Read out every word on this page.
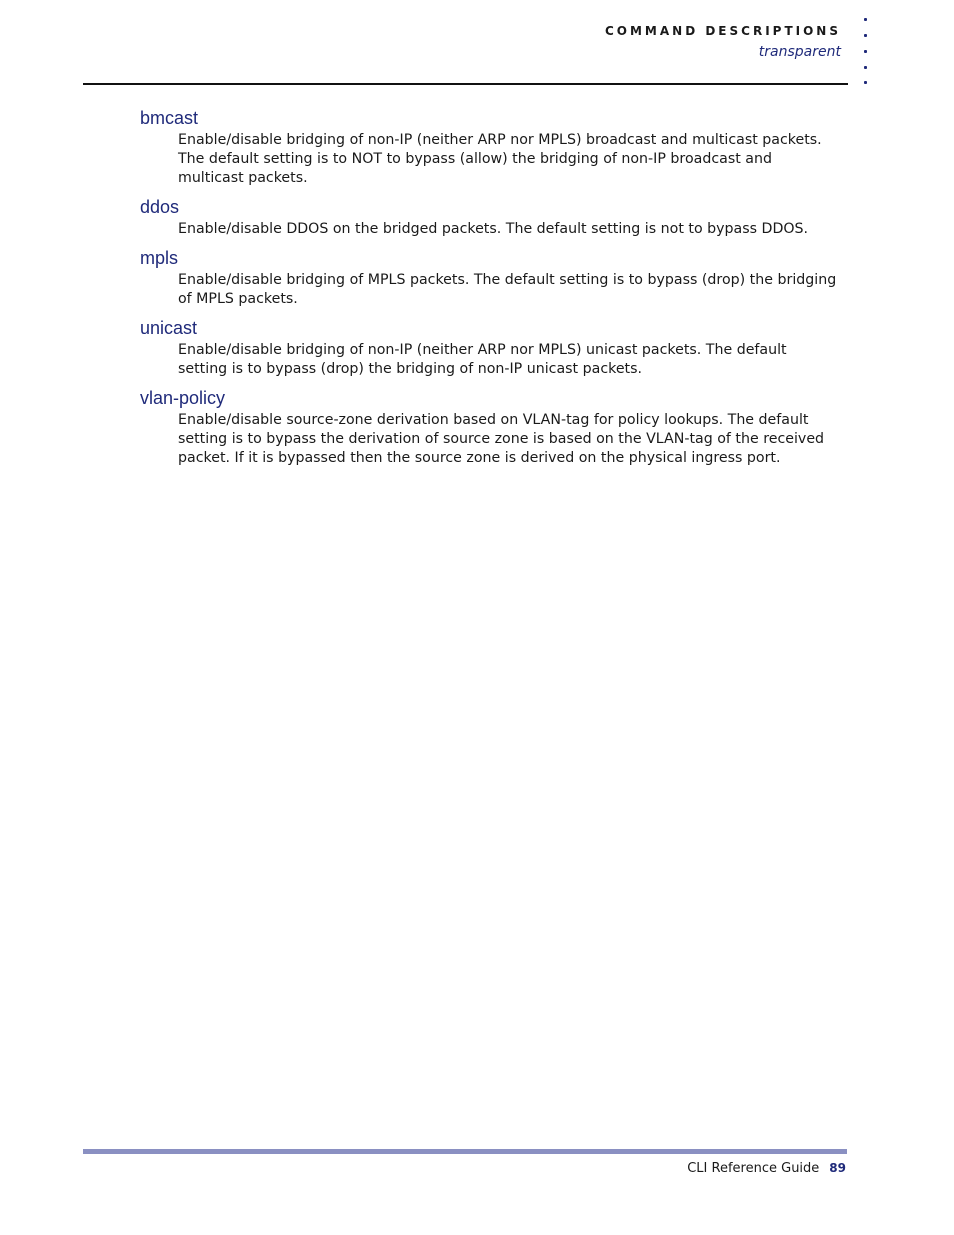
COMMAND DESCRIPTIONS
transparent

bmcast

Enable/disable bridging of non-IP (neither ARP nor MPLS) broadcast and multicast packets. The default setting is to NOT to bypass (allow) the bridging of non-IP broadcast and multicast packets.

ddos

Enable/disable DDOS on the bridged packets. The default setting is not to bypass DDOS.

mpls

Enable/disable bridging of MPLS packets. The default setting is to bypass (drop) the bridging of MPLS packets.

unicast

Enable/disable bridging of non-IP (neither ARP nor MPLS) unicast packets. The default setting is to bypass (drop) the bridging of non-IP unicast packets.

vlan-policy

Enable/disable source-zone derivation based on VLAN-tag for policy lookups. The default setting is to bypass the derivation of source zone is based on the VLAN-tag of the received packet. If it is bypassed then the source zone is derived on the physical ingress port.

CLI Reference Guide 89
